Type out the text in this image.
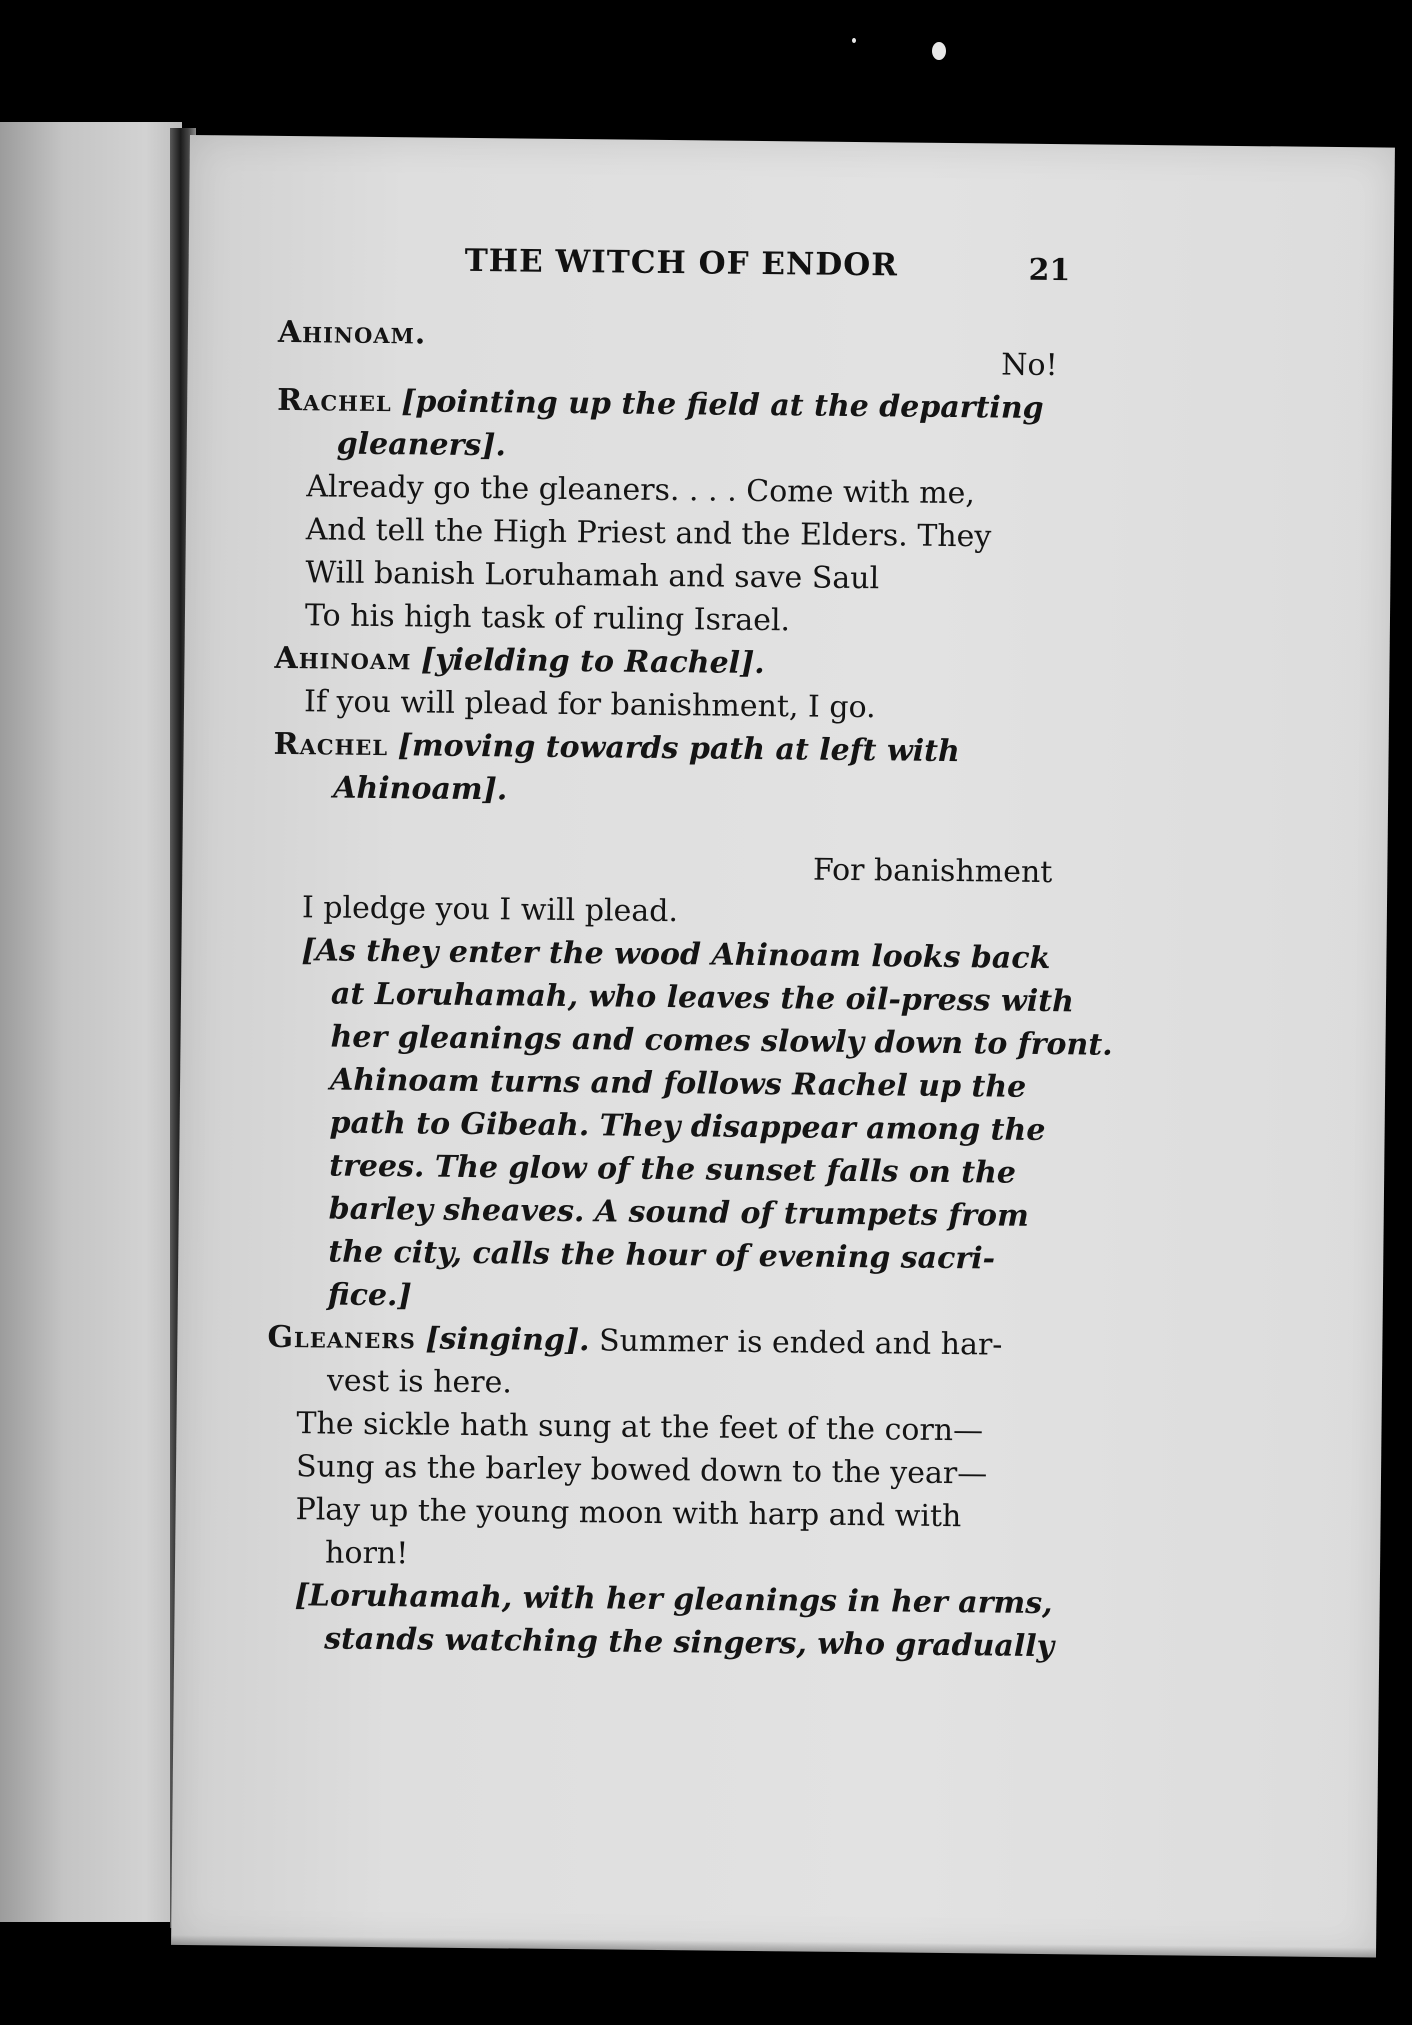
THE WITCH OF ENDOR	21
Ahinoam.
No!
Rachel [pointing up the field at the departing
gleaners].
Already go the gleaners. . . . Come with me,
And tell the High Priest and the Elders. They
Will banish Loruhamah and save Saul
To his high task of ruling Israel.
Ahinoam [yielding to Rachel].
If you will plead for banishment, I go.
Rachel [moving towards path at left with
Ahinoam].
For banishment
I pledge you I will plead.
[As they enter the wood Ahinoam looks back
at Loruhamah, who leaves the oil-press with
her gleanings and comes slowly down to front.
Ahinoam turns and follows Rachel up the
path to Gibeah. They disappear among the
trees. The glow of the sunset falls on the
barley sheaves. A sound of trumpets from
the city, calls the hour of evening sacri-
fice.]
Gleaners [singing]. Summer is ended and har-
vest is here.
The sickle hath sung at the feet of the corn—
Sung as the barley bowed down to the year—
Play up the young moon with harp and with
horn!
[Loruhamah, with her gleanings in her arms,
stands watching the singers, who gradually
